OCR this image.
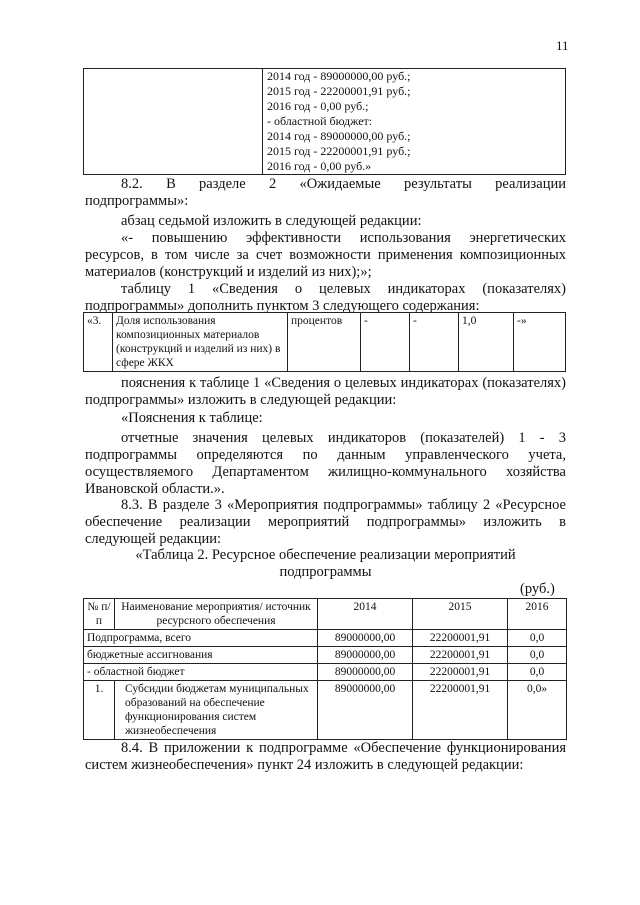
11

2014 год - 89000000,00 руб.;
2015 год - 22200001,91 руб.;
2016 год - 0,00 руб.;
- областной бюджет:
2014 год - 89000000,00 руб.;
2015 год - 22200001,91 руб.;
2016 год - 0,00 руб.»

8.2. В разделе 2 «Ожидаемые результаты реализации

подпрограммы»:

абзац седьмой изложить в следующей редакции:

«- повышению эффективности использования энергетических ресурсов, в том числе за счет возможности применения композиционных материалов (конструкций и изделий из них);»;

таблицу 1 «Сведения о целевых индикаторах (показателях)

подпрограммы» дополнить пунктом 3 следующего содержания:

«3.	Доля использования композиционных материалов (конструкций и изделий из них) в сфере ЖКХ	процентов	-	-	1,0	-»

пояснения к таблице 1 «Сведения о целевых индикаторах (показателях) подпрограммы» изложить в следующей редакции:

«Пояснения к таблице:

отчетные значения целевых индикаторов (показателей) 1 - 3 подпрограммы определяются по данным управленческого учета, осуществляемого Департаментом жилищно-коммунального хозяйства Ивановской области.».

8.3. В разделе 3 «Мероприятия подпрограммы» таблицу 2 «Ресурсное обеспечение реализации мероприятий подпрограммы» изложить в следующей редакции:

«Таблица 2. Ресурсное обеспечение реализации мероприятий
подпрограммы
(руб.)
№ п/п	Наименование мероприятия/ источник ресурсного обеспечения	2014	2015	2016
Подпрограмма, всего		89000000,00	22200001,91	0,0
бюджетные ассигнования		89000000,00	22200001,91	0,0
- областной бюджет		89000000,00	22200001,91	0,0
1.	Субсидии бюджетам муниципальных образований на обеспечение функционирования систем жизнеобеспечения	89000000,00	22200001,91	0,0»

8.4. В приложении к подпрограмме «Обеспечение функционирования систем жизнеобеспечения» пункт 24 изложить в следующей редакции:
